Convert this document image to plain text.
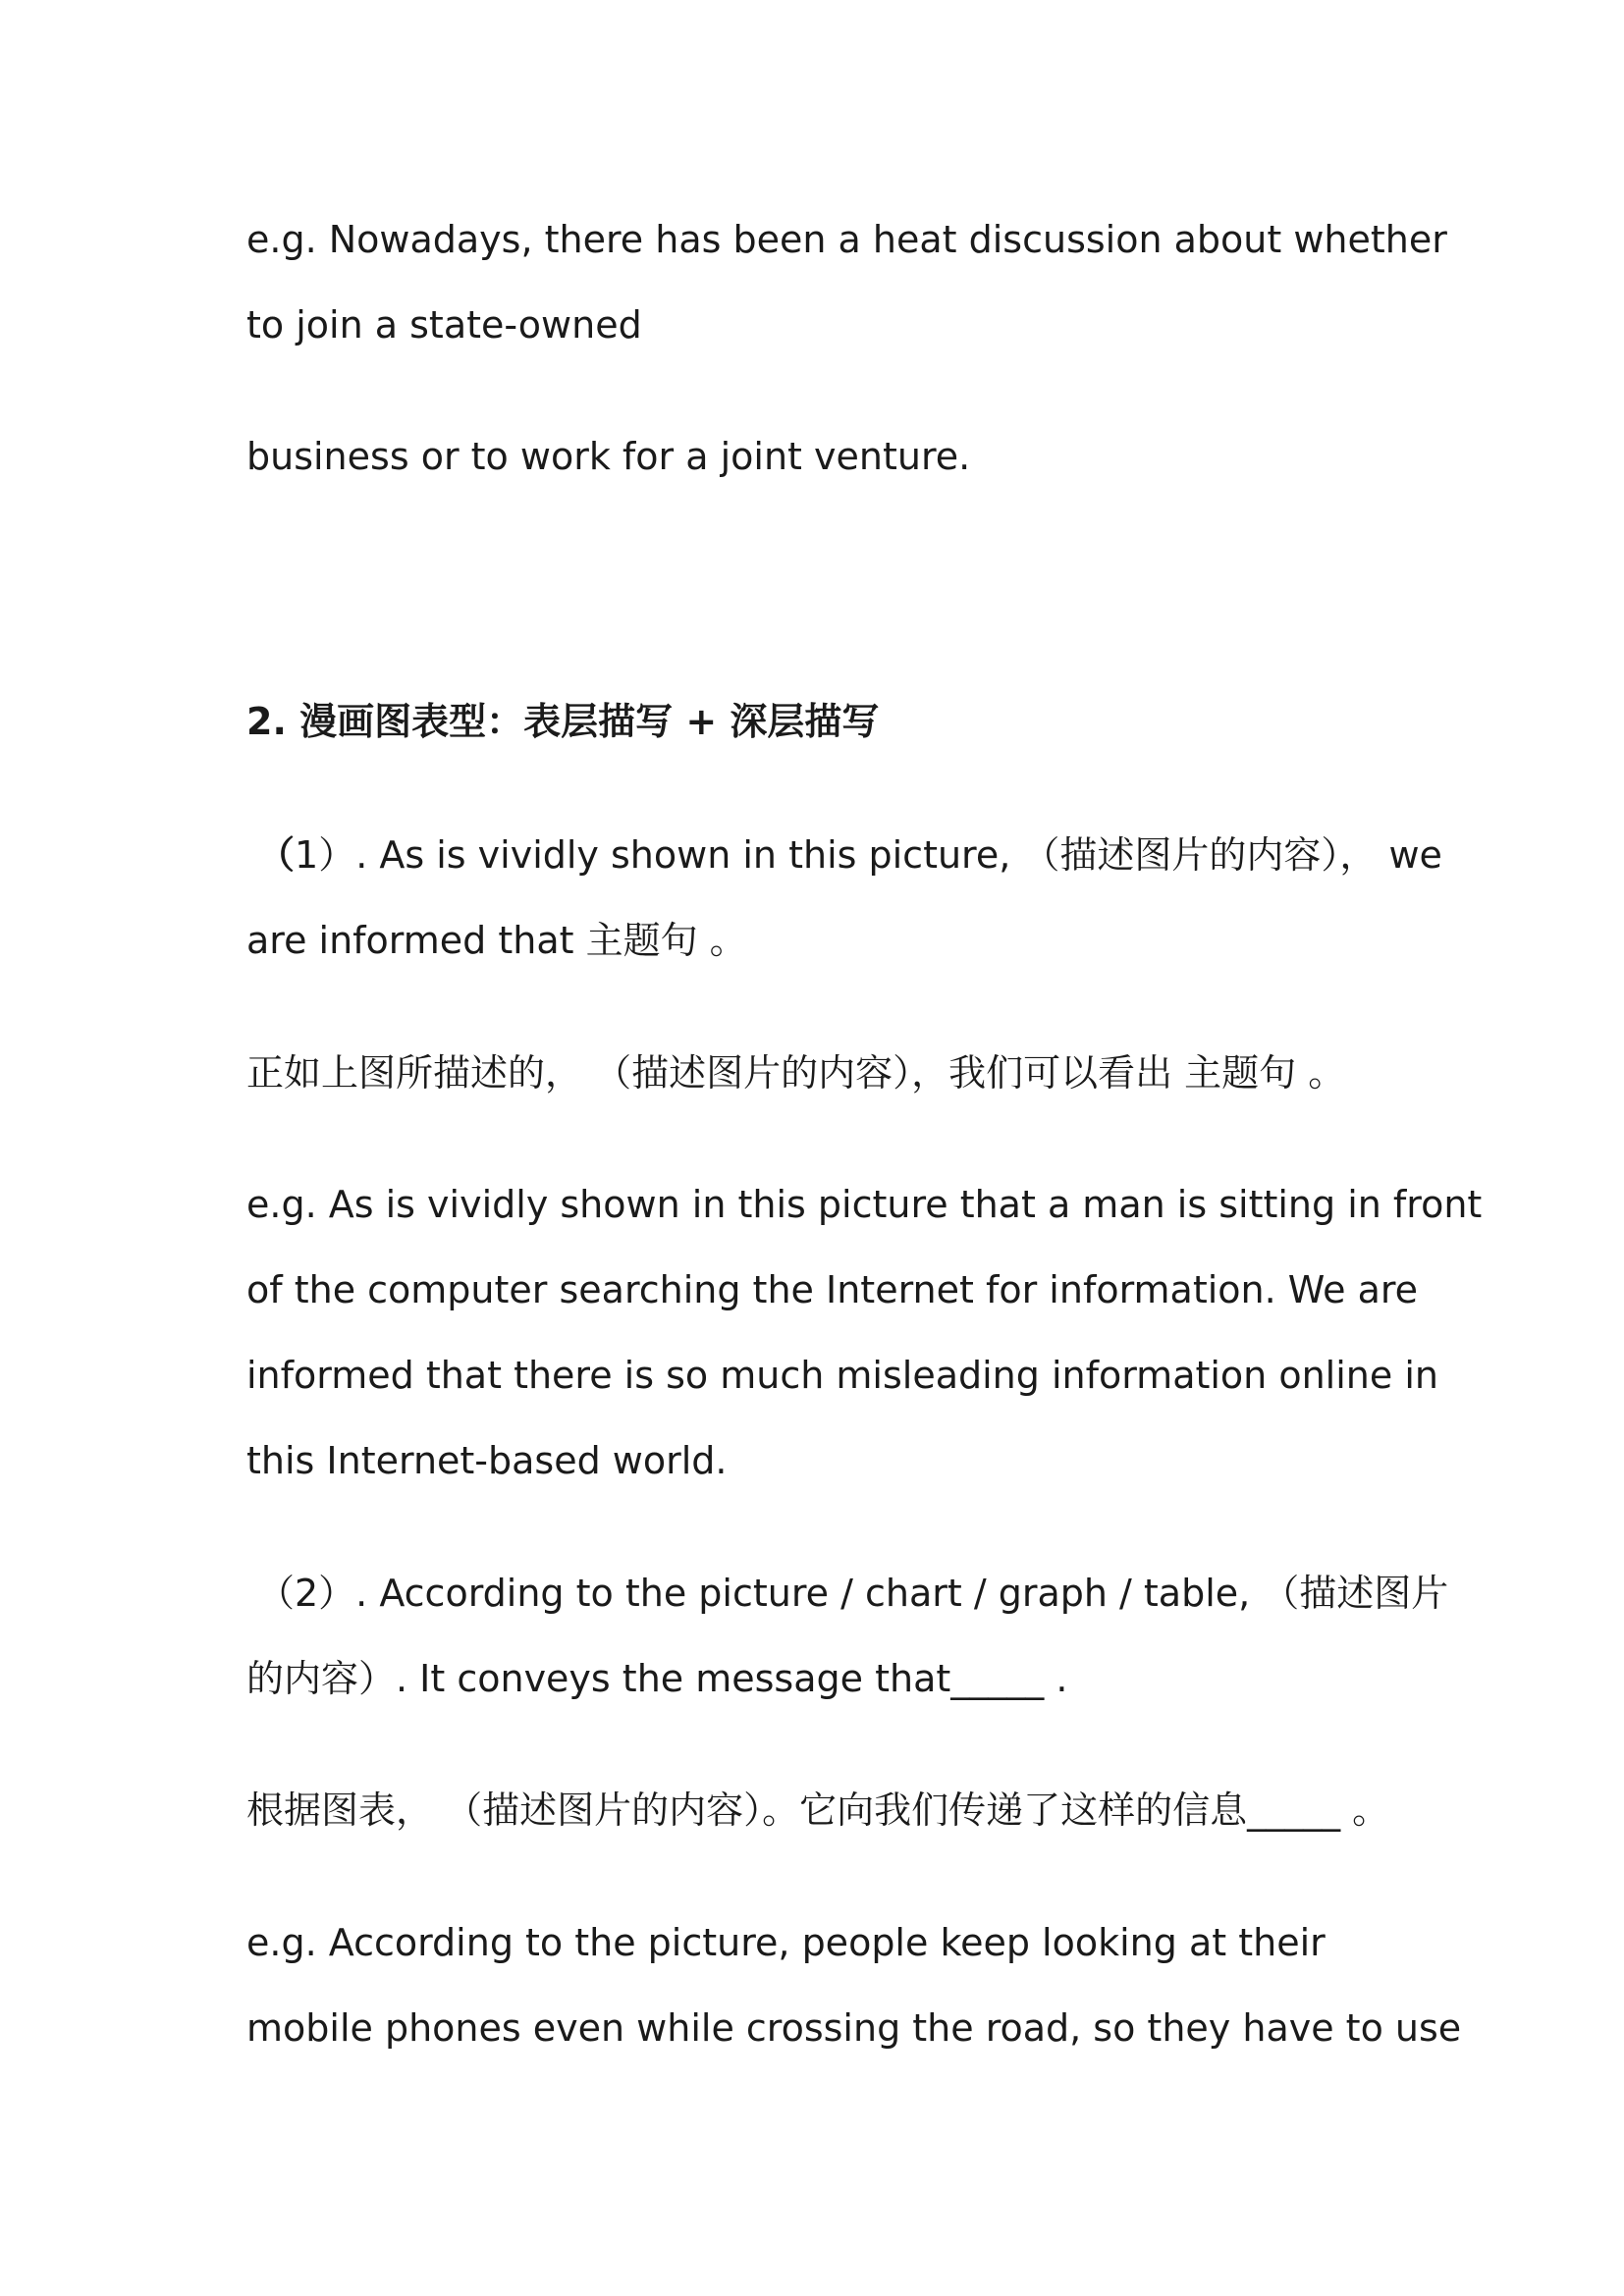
e.g. Nowadays, there has been a heat discussion about whether
to join a state-owned
business or to work for a joint venture.
2. 漫画图表型：表层描写 + 深层描写
（1）. As is vividly shown in this picture, （描述图片的内容）， we
are informed that 主题句 。
正如上图所描述的， （描述图片的内容），我们可以看出 主题句 。
e.g. As is vividly shown in this picture that a man is sitting in front
of the computer searching the Internet for information. We are
informed that there is so much misleading information online in
this Internet-based world.
（2）. According to the picture / chart / graph / table, （描述图片
的内容）. It conveys the message that_____ .
根据图表， （描述图片的内容）。它向我们传递了这样的信息_____ 。
e.g. According to the picture, people keep looking at their
mobile phones even while crossing the road, so they have to use
